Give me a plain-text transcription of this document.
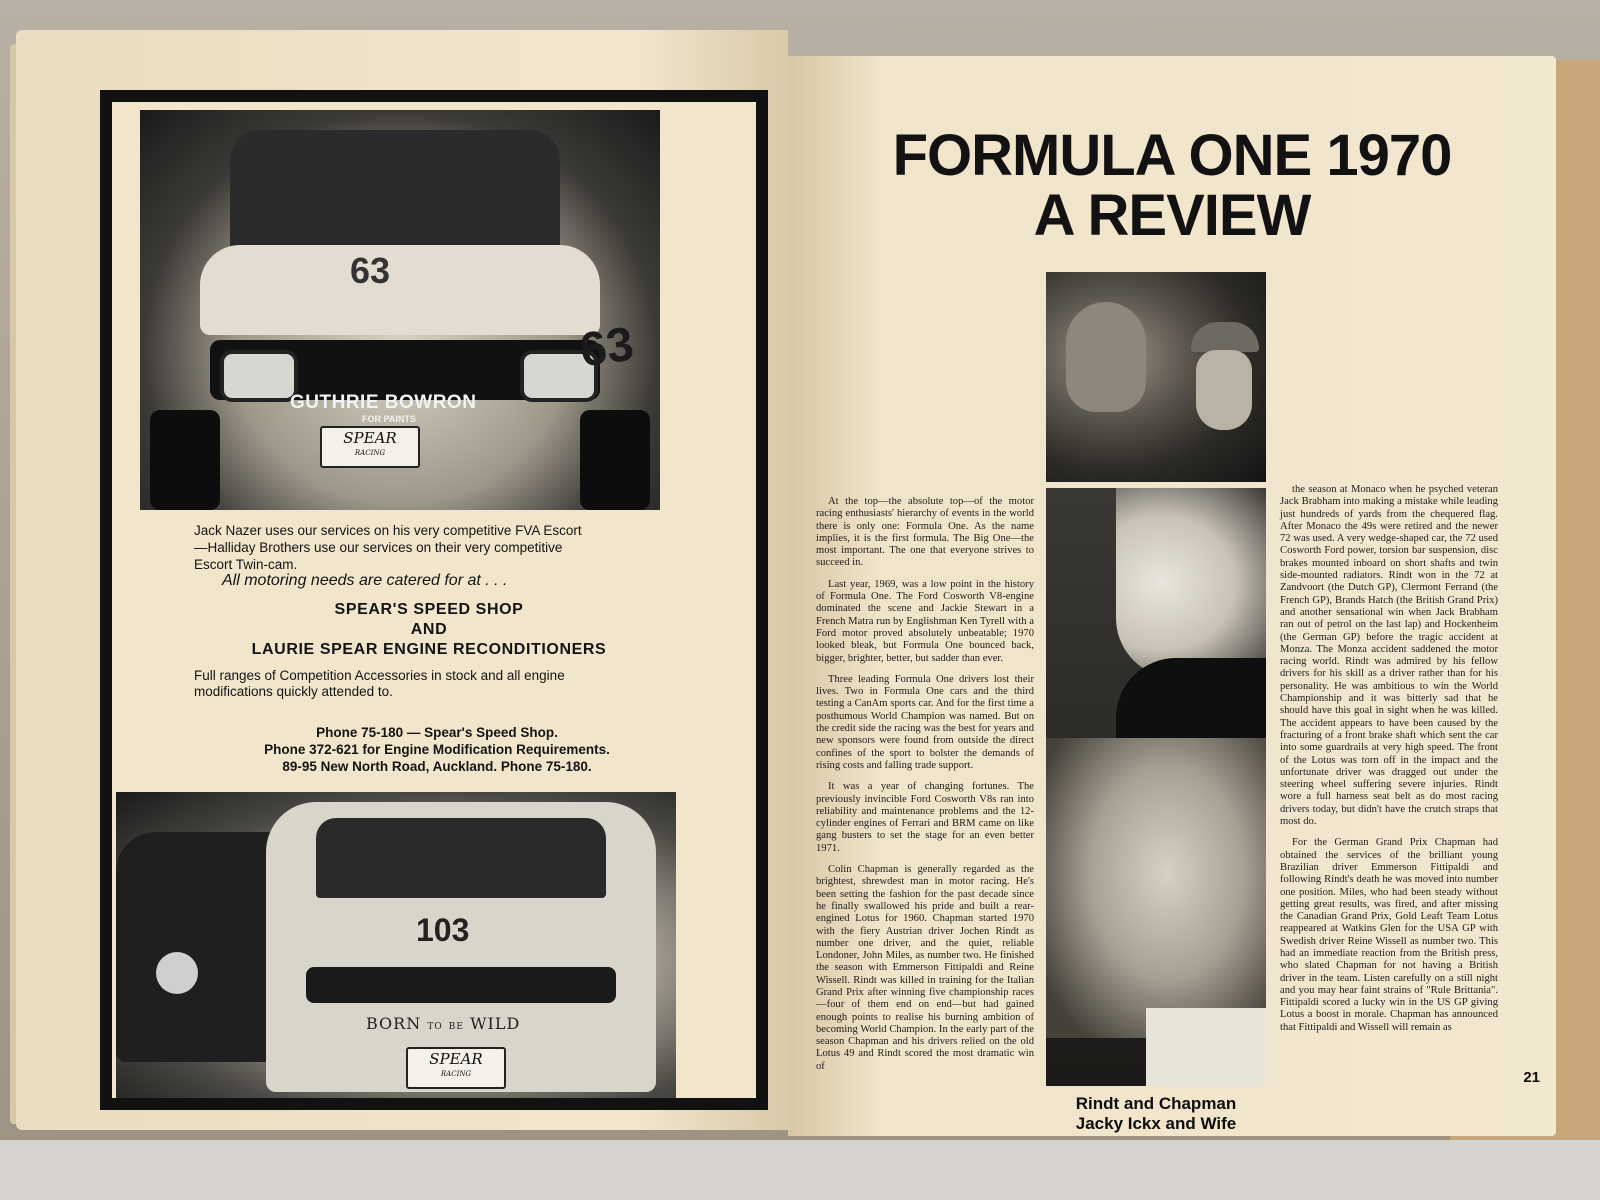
63
GUTHRIE BOWRON
FOR PAINTS
SPEAR
RACING
63
Jack Nazer uses our services on his very competitive FVA Escort
—Halliday Brothers use our services on their very competitive
Escort Twin-cam.
All motoring needs are catered for at . . .
SPEAR'S SPEED SHOP
AND
LAURIE SPEAR ENGINE RECONDITIONERS
Full ranges of Competition Accessories in stock and all engine
modifications quickly attended to.
Phone 75-180 — Spear's Speed Shop.
Phone 372-621 for Engine Modification Requirements.
89-95 New North Road, Auckland. Phone 75-180.
103
BORN TO BE WILD
SPEAR
RACING
FORMULA ONE 1970
A REVIEW
Rindt and Chapman
Jacky Ickx and Wife

At the top—the absolute top—of the motor racing enthusiasts' hierarchy of events in the world there is only one: Formula One. As the name implies, it is the first formula. The Big One—the most important. The one that everyone strives to succeed in.

Last year, 1969, was a low point in the history of Formula One. The Ford Cosworth V8-engine dominated the scene and Jackie Stewart in a French Matra run by Englishman Ken Tyrell with a Ford motor proved absolutely unbeatable; 1970 looked bleak, but Formula One bounced back, bigger, brighter, better, but sadder than ever.

Three leading Formula One drivers lost their lives. Two in Formula One cars and the third testing a CanAm sports car. And for the first time a posthumous World Champion was named. But on the credit side the racing was the best for years and new sponsors were found from outside the direct confines of the sport to bolster the demands of rising costs and falling trade support.

It was a year of changing fortunes. The previously invincible Ford Cosworth V8s ran into reliability and maintenance problems and the 12-cylinder engines of Ferrari and BRM came on like gang busters to set the stage for an even better 1971.

Colin Chapman is generally regarded as the brightest, shrewdest man in motor racing. He's been setting the fashion for the past decade since he finally swallowed his pride and built a rear-engined Lotus for 1960. Chapman started 1970 with the fiery Austrian driver Jochen Rindt as number one driver, and the quiet, reliable Londoner, John Miles, as number two. He finished the season with Emmerson Fittipaldi and Reine Wissell. Rindt was killed in training for the Italian Grand Prix after winning five championship races—four of them end on end—but had gained enough points to realise his burning ambition of becoming World Champion. In the early part of the season Chapman and his drivers relied on the old Lotus 49 and Rindt scored the most dramatic win of

the season at Monaco when he psyched veteran Jack Brabham into making a mistake while leading just hundreds of yards from the chequered flag. After Monaco the 49s were retired and the newer 72 was used. A very wedge-shaped car, the 72 used Cosworth Ford power, torsion bar suspension, disc brakes mounted inboard on short shafts and twin side-mounted radiators. Rindt won in the 72 at Zandvoort (the Dutch GP), Clermont Ferrand (the French GP), Brands Hatch (the British Grand Prix) and another sensational win when Jack Brabham ran out of petrol on the last lap) and Hockenheim (the German GP) before the tragic accident at Monza. The Monza accident saddened the motor racing world. Rindt was admired by his fellow drivers for his skill as a driver rather than for his personality. He was ambitious to win the World Championship and it was bitterly sad that he should have this goal in sight when he was killed. The accident appears to have been caused by the fracturing of a front brake shaft which sent the car into some guardrails at very high speed. The front of the Lotus was torn off in the impact and the unfortunate driver was dragged out under the steering wheel suffering severe injuries. Rindt wore a full harness seat belt as do most racing drivers today, but didn't have the crutch straps that most do.

For the German Grand Prix Chapman had obtained the services of the brilliant young Brazilian driver Emmerson Fittipaldi and following Rindt's death he was moved into number one position. Miles, who had been steady without getting great results, was fired, and after missing the Canadian Grand Prix, Gold Leaft Team Lotus reappeared at Watkins Glen for the USA GP with Swedish driver Reine Wissell as number two. This had an immediate reaction from the British press, who slated Chapman for not having a British driver in the team. Listen carefully on a still night and you may hear faint strains of "Rule Brittania". Fittipaldi scored a lucky win in the US GP giving Lotus a boost in morale. Chapman has announced that Fittipaldi and Wissell will remain as

21
